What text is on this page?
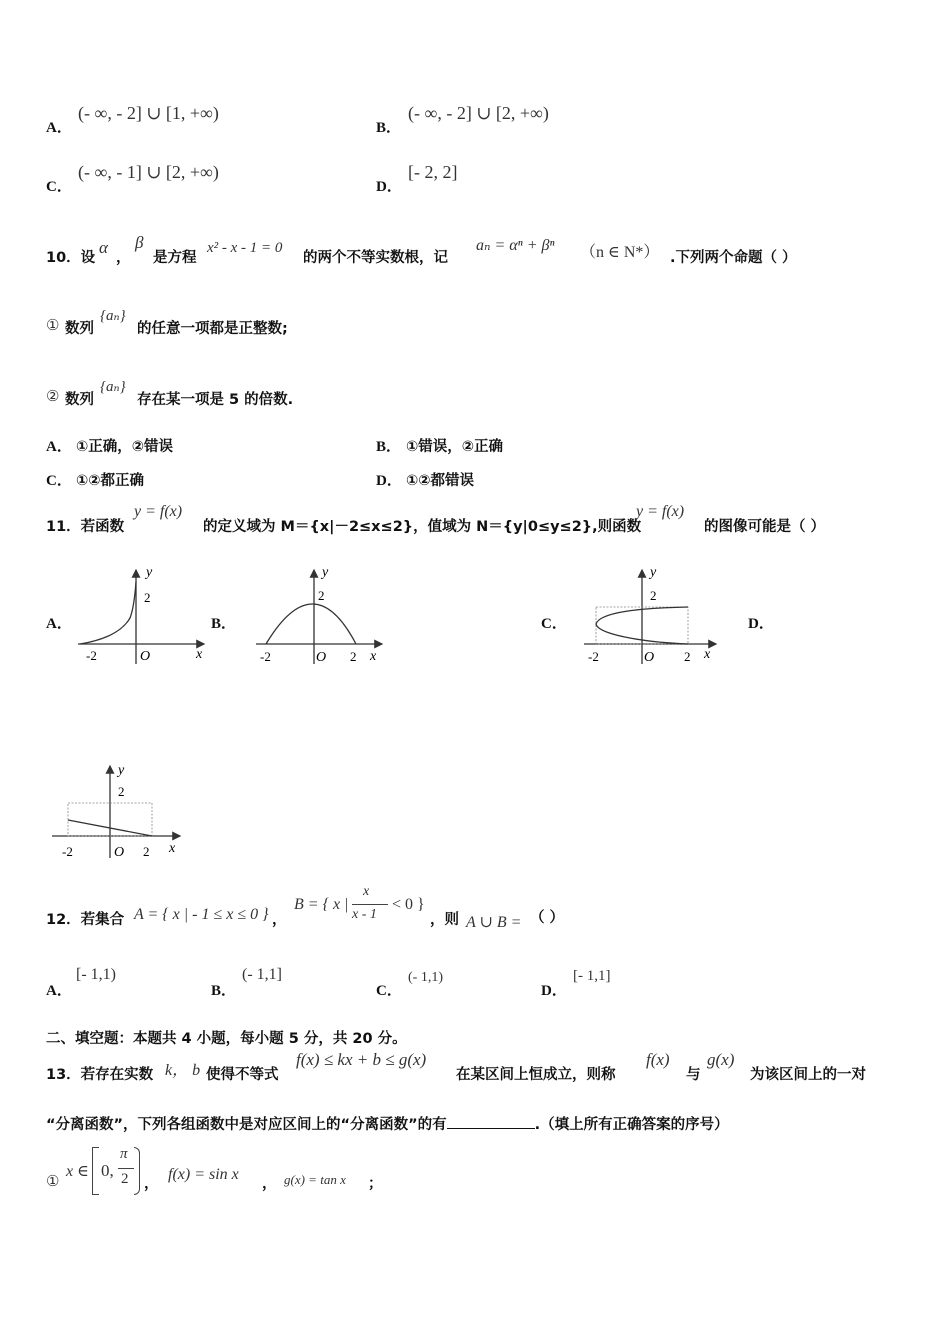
A．
(- ∞, - 2] ∪ [1, +∞)
B．
(- ∞, - 2] ∪ [2, +∞)
C．
(- ∞, - 1] ∪ [2, +∞)
D．
[- 2, 2]
10．设
α
，
β
是方程
x² - x - 1 = 0
的两个不等实数根，记
aₙ = αⁿ + βⁿ （n ∈ N*） .下列两个命题（ ）
① 数列
{aₙ}
的任意一项都是正整数;
② 数列
{aₙ}
存在某一项是 5 的倍数.
A． ①正确，②错误	B． ①错误，②正确
C． ①②都正确	D． ①②都错误
11．若函数
y = f(x)
的定义域为 M＝{x|－2≤x≤2}，值域为 N＝{y|0≤y≤2},则函数
y = f(x)
的图像可能是（ ）
A．	B．	C．	D．
y
2
-2	O	x
y
2
-2	O 2 x
y
2
-2	O 2 x
y
2
-2	O 2 x
12．若集合 A = { x | - 1 ≤ x ≤ 0 } ，
B = { x |
x
x - 1
< 0 }
，则 A ∪ B = （ ）
A．
[- 1,1)
B．
(- 1,1]
C．
(- 1,1)
D．
[- 1,1]
二、填空题：本题共 4 小题，每小题 5 分，共 20 分。
13．若存在实数 k， b 使得不等式
f(x) ≤ kx + b ≤ g(x)
在某区间上恒成立，则称
f(x)
与
g(x)
为该区间上的一对
“分离函数”，下列各组函数中是对应区间上的“分离函数”的有	.（填上所有正确答案的序号）
①
x ∈ 0,
π
2 ，
f(x) = sin x
， g(x) = tan x ；
